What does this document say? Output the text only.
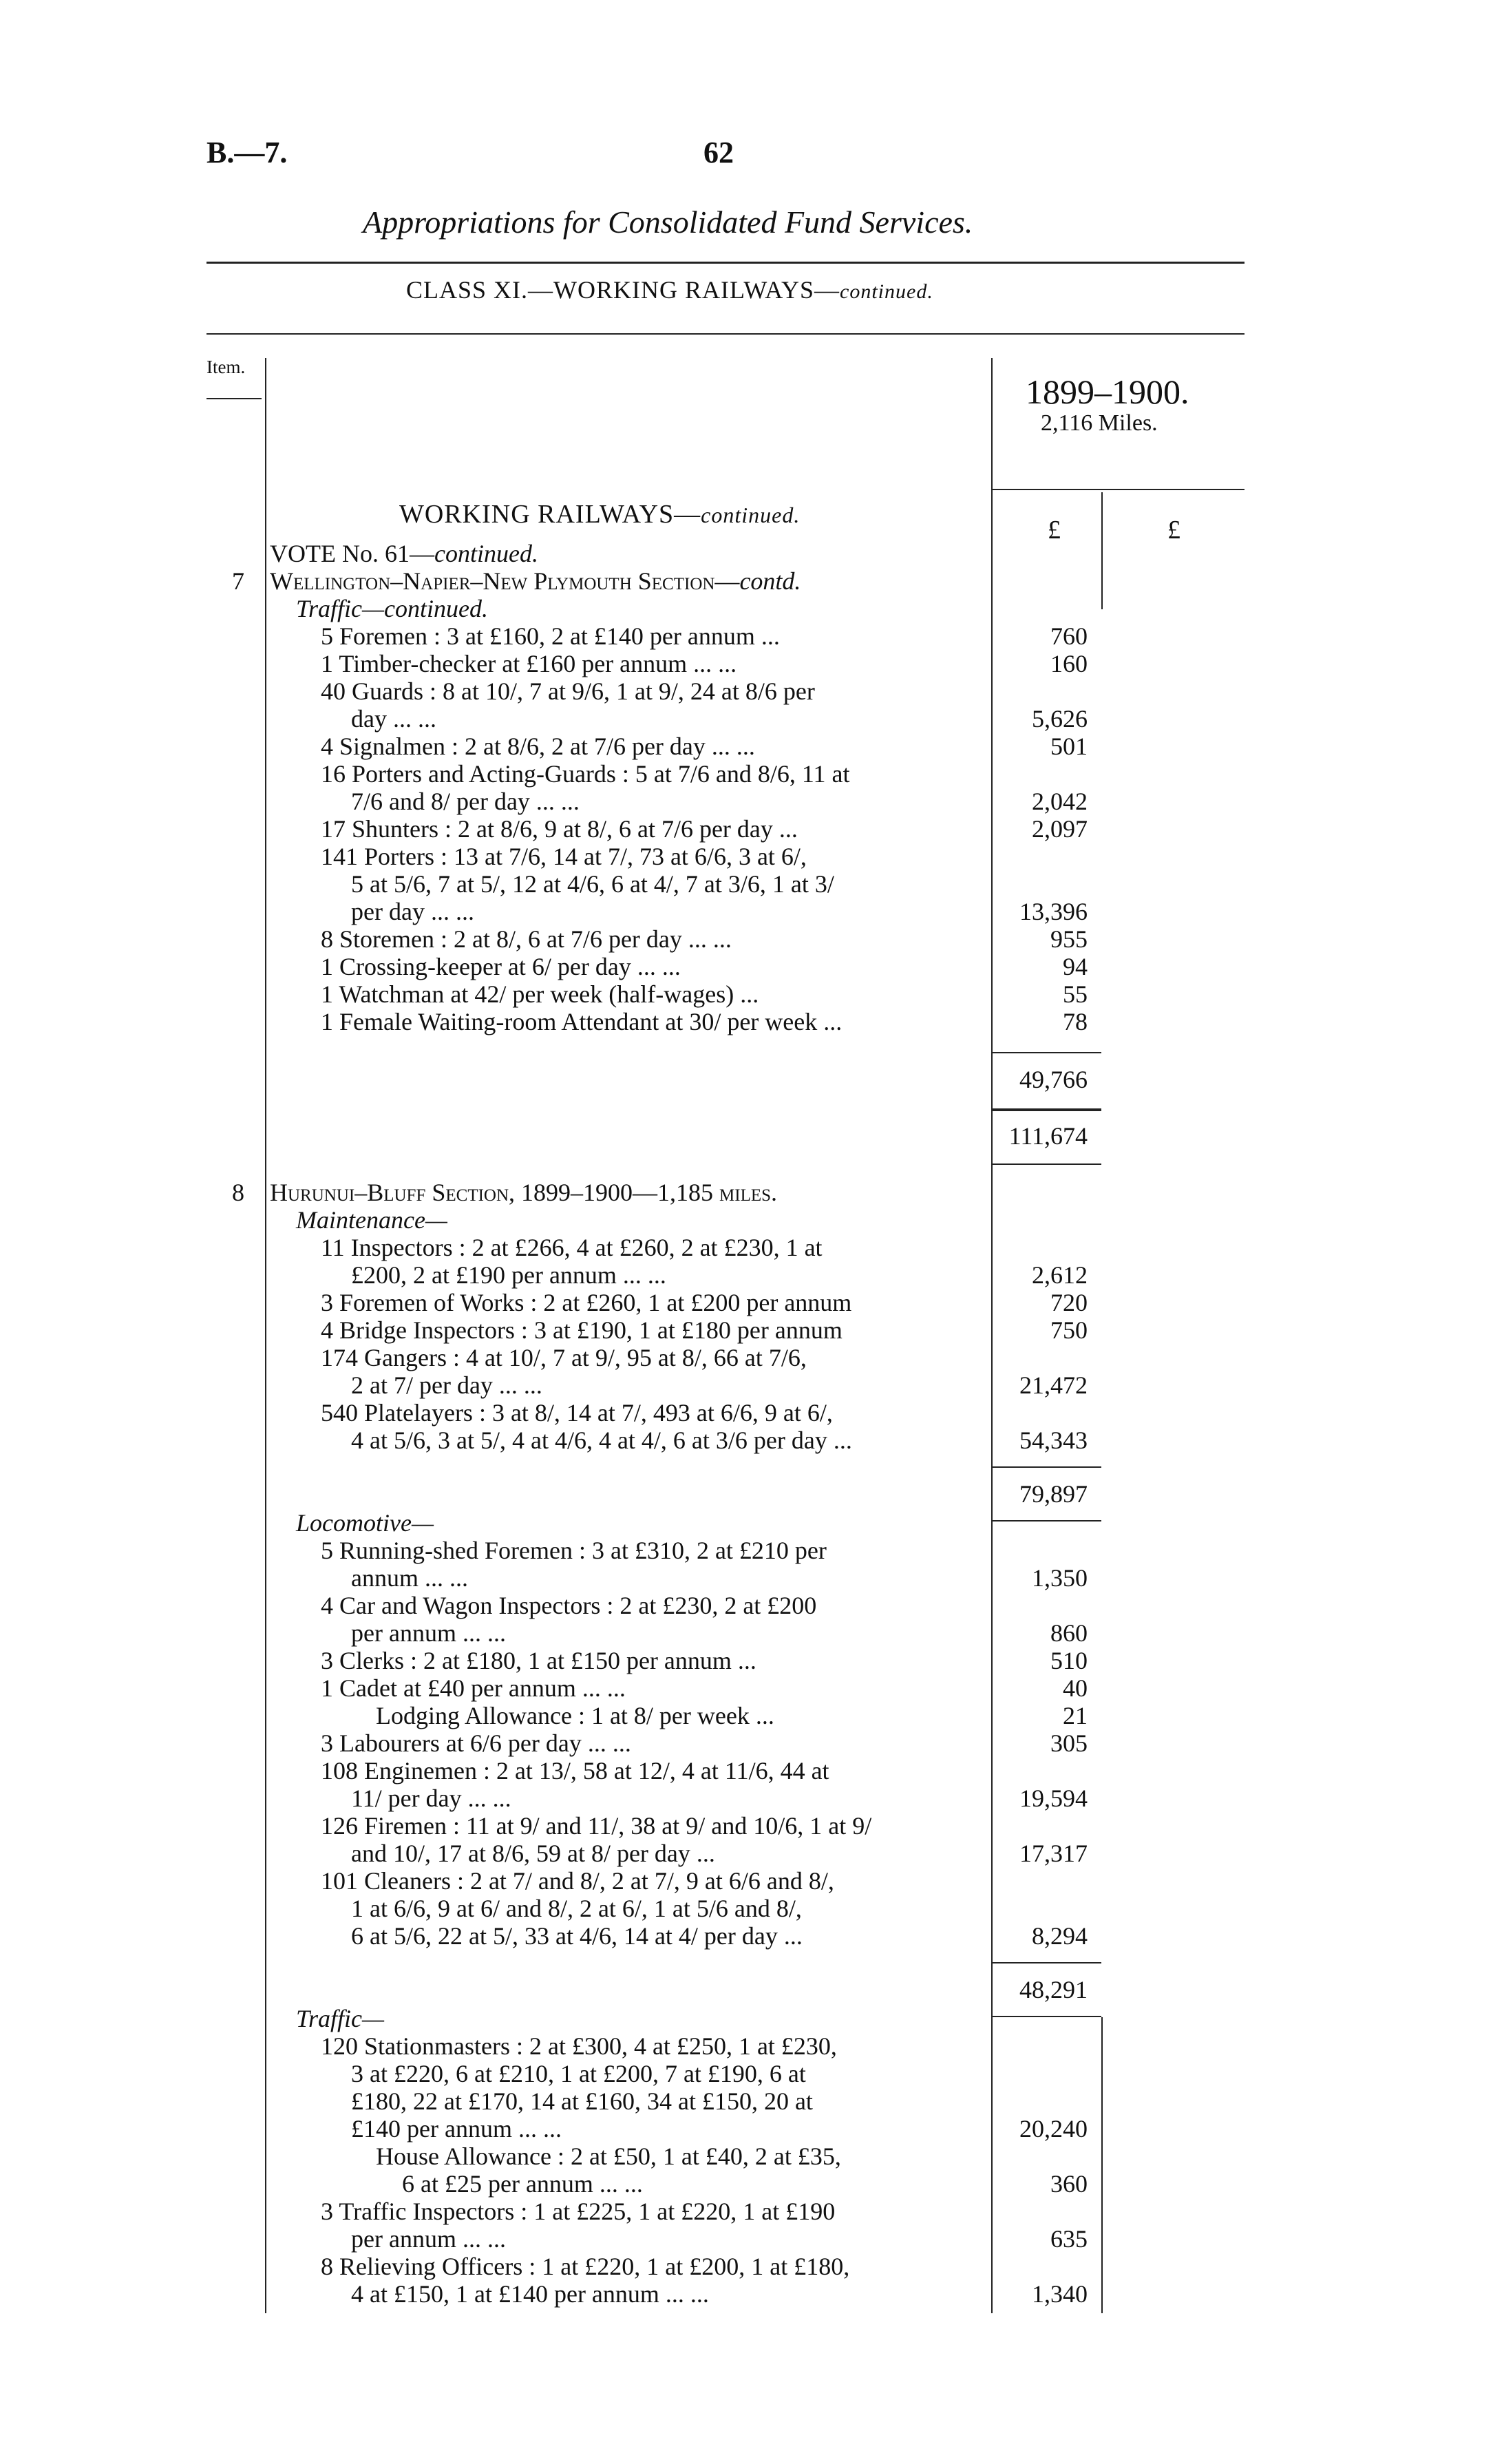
B.—7.	62
Appropriations for Consolidated Fund Services.
CLASS XI.—WORKING RAILWAYS—continued.
Item.
1899–1900.
2,116 Miles.
£	£
WORKING RAILWAYS—continued.
VOTE No. 61—continued.
7 Wellington–Napier–New Plymouth Section—contd.
Traffic—continued.
5 Foremen : 3 at £160, 2 at £140 per annum ...
1 Timber-checker at £160 per annum ... ...
40 Guards : 8 at 10/, 7 at 9/6, 1 at 9/, 24 at 8/6 per
day ... ...
4 Signalmen : 2 at 8/6, 2 at 7/6 per day ... ...
16 Porters and Acting-Guards : 5 at 7/6 and 8/6, 11 at
7/6 and 8/ per day ... ...
17 Shunters : 2 at 8/6, 9 at 8/, 6 at 7/6 per day ...
141 Porters : 13 at 7/6, 14 at 7/, 73 at 6/6, 3 at 6/,
5 at 5/6, 7 at 5/, 12 at 4/6, 6 at 4/, 7 at 3/6, 1 at 3/
per day ... ...
8 Storemen : 2 at 8/, 6 at 7/6 per day ... ...
1 Crossing-keeper at 6/ per day ... ...
1 Watchman at 42/ per week (half-wages) ...
1 Female Waiting-room Attendant at 30/ per week ...
760
160
5,626
501
2,042
2,097
13,396
955
94
55
78
49,766
111,674
8 Hurunui–Bluff Section, 1899–1900—1,185 miles.
Maintenance—
11 Inspectors : 2 at £266, 4 at £260, 2 at £230, 1 at
£200, 2 at £190 per annum ... ...
3 Foremen of Works : 2 at £260, 1 at £200 per annum
4 Bridge Inspectors : 3 at £190, 1 at £180 per annum
174 Gangers : 4 at 10/, 7 at 9/, 95 at 8/, 66 at 7/6,
2 at 7/ per day ... ...
540 Platelayers : 3 at 8/, 14 at 7/, 493 at 6/6, 9 at 6/,
4 at 5/6, 3 at 5/, 4 at 4/6, 4 at 4/, 6 at 3/6 per day ...
2,612
720
750
21,472
54,343
79,897
Locomotive—
5 Running-shed Foremen : 3 at £310, 2 at £210 per
annum ... ...
4 Car and Wagon Inspectors : 2 at £230, 2 at £200
per annum ... ...
3 Clerks : 2 at £180, 1 at £150 per annum ...
1 Cadet at £40 per annum ... ...
Lodging Allowance : 1 at 8/ per week ...
3 Labourers at 6/6 per day ... ...
108 Enginemen : 2 at 13/, 58 at 12/, 4 at 11/6, 44 at
11/ per day ... ...
126 Firemen : 11 at 9/ and 11/, 38 at 9/ and 10/6, 1 at 9/
and 10/, 17 at 8/6, 59 at 8/ per day ...
101 Cleaners : 2 at 7/ and 8/, 2 at 7/, 9 at 6/6 and 8/,
1 at 6/6, 9 at 6/ and 8/, 2 at 6/, 1 at 5/6 and 8/,
6 at 5/6, 22 at 5/, 33 at 4/6, 14 at 4/ per day ...
1,350
860
510
40
21
305
19,594
17,317
8,294
48,291
Traffic—
120 Stationmasters : 2 at £300, 4 at £250, 1 at £230,
3 at £220, 6 at £210, 1 at £200, 7 at £190, 6 at
£180, 22 at £170, 14 at £160, 34 at £150, 20 at
£140 per annum ... ...
House Allowance : 2 at £50, 1 at £40, 2 at £35,
6 at £25 per annum ... ...
3 Traffic Inspectors : 1 at £225, 1 at £220, 1 at £190
per annum ... ...
8 Relieving Officers : 1 at £220, 1 at £200, 1 at £180,
4 at £150, 1 at £140 per annum ... ...
20,240
360
635
1,340
